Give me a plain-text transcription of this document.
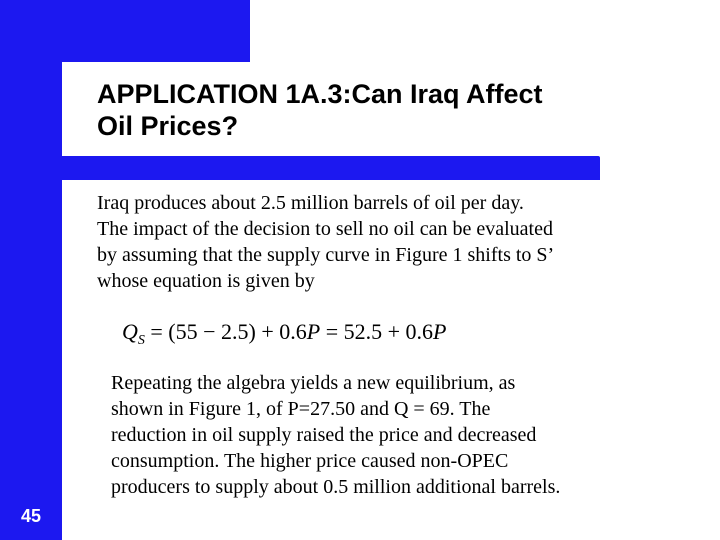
APPLICATION 1A.3:Can Iraq Affect
Oil Prices?
Iraq produces about 2.5 million barrels of oil per day.
The impact of the decision to sell no oil can be evaluated
by assuming that the supply curve in Figure 1 shifts to S’
whose equation is given by
$Q_S = (55 - 2.5) + 0.6P = 52.5 + 0.6P$
Repeating the algebra yields a new equilibrium, as
shown in Figure 1, of P=27.50 and Q = 69. The
reduction in oil supply raised the price and decreased
consumption. The higher price caused non-OPEC
producers to supply about 0.5 million additional barrels.
45
